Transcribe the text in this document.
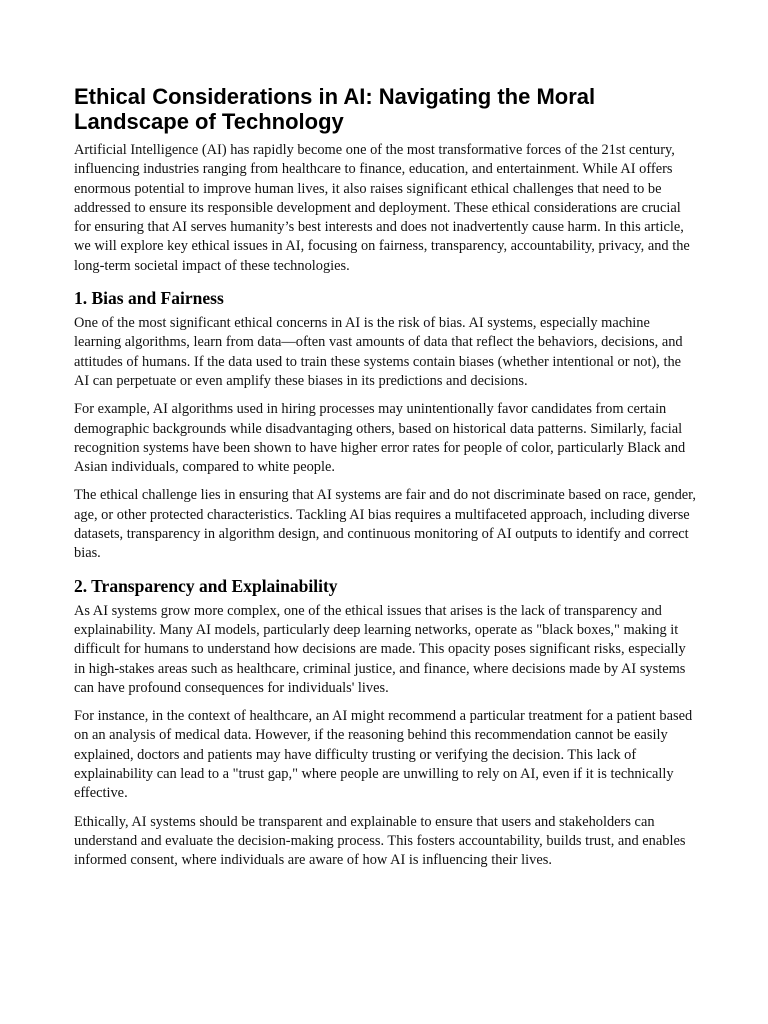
Ethical Considerations in AI: Navigating the Moral Landscape of Technology

Artificial Intelligence (AI) has rapidly become one of the most transformative forces of the 21st century, influencing industries ranging from healthcare to finance, education, and entertainment. While AI offers enormous potential to improve human lives, it also raises significant ethical challenges that need to be addressed to ensure its responsible development and deployment. These ethical considerations are crucial for ensuring that AI serves humanity’s best interests and does not inadvertently cause harm. In this article, we will explore key ethical issues in AI, focusing on fairness, transparency, accountability, privacy, and the long-term societal impact of these technologies.

1. Bias and Fairness

One of the most significant ethical concerns in AI is the risk of bias. AI systems, especially machine learning algorithms, learn from data—often vast amounts of data that reflect the behaviors, decisions, and attitudes of humans. If the data used to train these systems contain biases (whether intentional or not), the AI can perpetuate or even amplify these biases in its predictions and decisions.

For example, AI algorithms used in hiring processes may unintentionally favor candidates from certain demographic backgrounds while disadvantaging others, based on historical data patterns. Similarly, facial recognition systems have been shown to have higher error rates for people of color, particularly Black and Asian individuals, compared to white people.

The ethical challenge lies in ensuring that AI systems are fair and do not discriminate based on race, gender, age, or other protected characteristics. Tackling AI bias requires a multifaceted approach, including diverse datasets, transparency in algorithm design, and continuous monitoring of AI outputs to identify and correct bias.

2. Transparency and Explainability

As AI systems grow more complex, one of the ethical issues that arises is the lack of transparency and explainability. Many AI models, particularly deep learning networks, operate as "black boxes," making it difficult for humans to understand how decisions are made. This opacity poses significant risks, especially in high-stakes areas such as healthcare, criminal justice, and finance, where decisions made by AI systems can have profound consequences for individuals' lives.

For instance, in the context of healthcare, an AI might recommend a particular treatment for a patient based on an analysis of medical data. However, if the reasoning behind this recommendation cannot be easily explained, doctors and patients may have difficulty trusting or verifying the decision. This lack of explainability can lead to a "trust gap," where people are unwilling to rely on AI, even if it is technically effective.

Ethically, AI systems should be transparent and explainable to ensure that users and stakeholders can understand and evaluate the decision-making process. This fosters accountability, builds trust, and enables informed consent, where individuals are aware of how AI is influencing their lives.
